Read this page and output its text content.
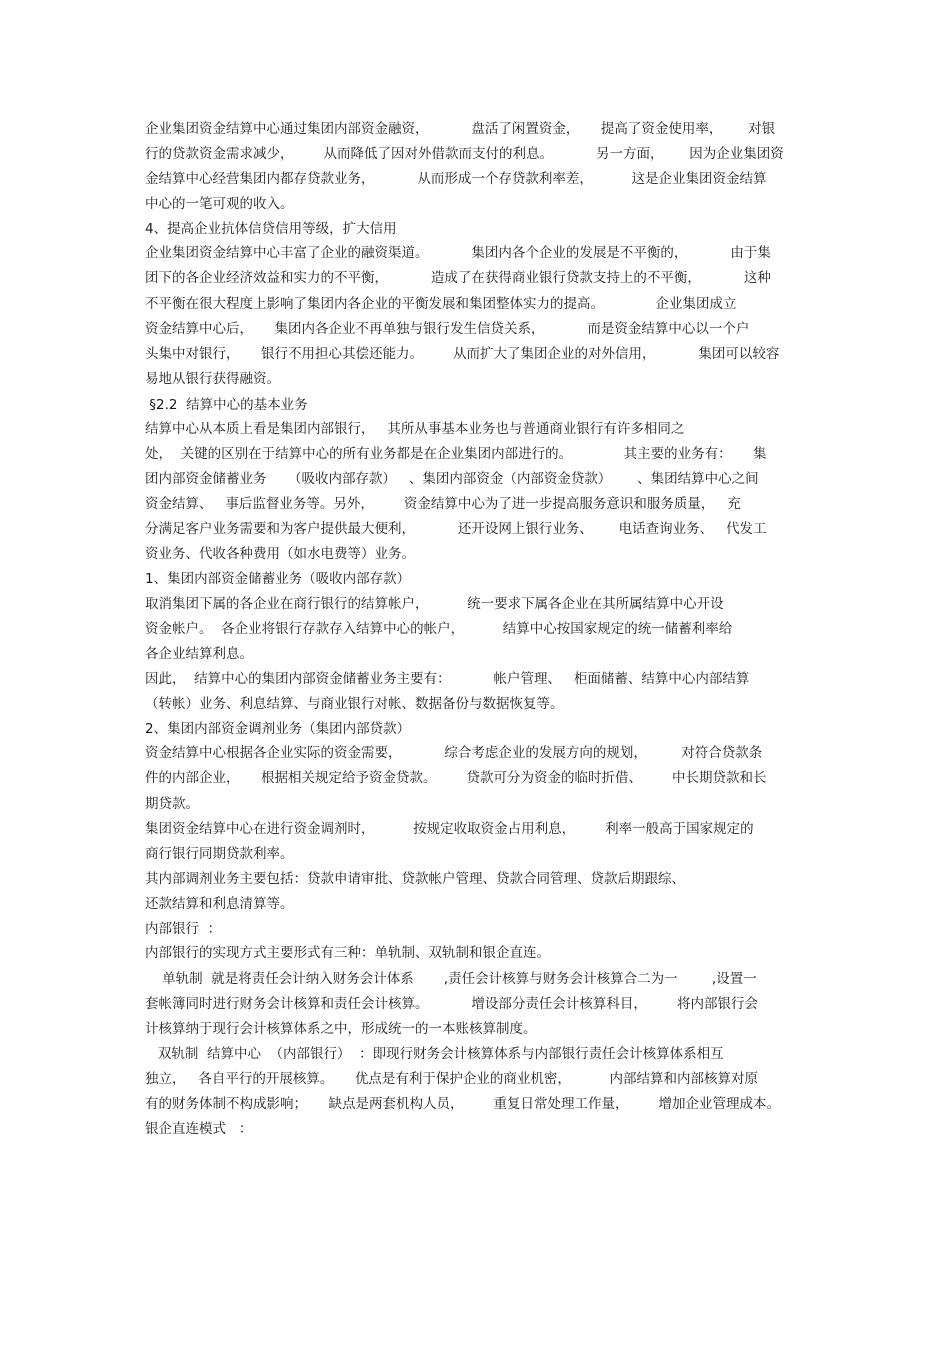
企业集团资金结算中心通过集团内部资金融资，          盘活了闲置资金，     提高了资金使用率，      对银
行的贷款资金需求减少，       从而降低了因对外借款而支付的利息。          另一方面，      因为企业集团资
金结算中心经营集团内都存贷款业务，          从而形成一个存贷款利率差，         这是企业集团资金结算
中心的一笔可观的收入。
4、提高企业抗体信贷信用等级，扩大信用
企业集团资金结算中心丰富了企业的融资渠道。          集团内各个企业的发展是不平衡的，          由于集
团下的各企业经济效益和实力的不平衡，          造成了在获得商业银行贷款支持上的不平衡，          这种
不平衡在很大程度上影响了集团内各企业的平衡发展和集团整体实力的提高。            企业集团成立
资金结算中心后，     集团内各企业不再单独与银行发生信贷关系，          而是资金结算中心以一个户
头集中对银行，     银行不用担心其偿还能力。       从而扩大了集团企业的对外信用，          集团可以较容
易地从银行获得融资。
§2.2  结算中心的基本业务
结算中心从本质上看是集团内部银行，   其所从事基本业务也与普通商业银行有许多相同之
处，  关键的区别在于结算中心的所有业务都是在企业集团内部进行的。            其主要的业务有：     集
团内部资金储蓄业务     （吸收内部存款）   、集团内部资金（内部资金贷款）      、集团结算中心之间
资金结算、   事后监督业务等。另外，       资金结算中心为了进一步提高服务意识和服务质量，   充
分满足客户业务需要和为客户提供最大便利，          还开设网上银行业务、      电话查询业务、   代发工
资业务、代收各种费用（如水电费等）业务。
1、集团内部资金储蓄业务（吸收内部存款）
取消集团下属的各企业在商行银行的结算帐户，         统一要求下属各企业在其所属结算中心开设
资金帐户。  各企业将银行存款存入结算中心的帐户，         结算中心按国家规定的统一储蓄利率给
各企业结算利息。
因此，  结算中心的集团内部资金储蓄业务主要有：          帐户管理、   柜面储蓄、结算中心内部结算
（转帐）业务、利息结算、与商业银行对帐、数据备份与数据恢复等。
2、集团内部资金调剂业务（集团内部贷款）
资金结算中心根据各企业实际的资金需要，          综合考虑企业的发展方向的规划，        对符合贷款条
件的内部企业，     根据相关规定给予资金贷款。       贷款可分为资金的临时折借、       中长期贷款和长
期贷款。
集团资金结算中心在进行资金调剂时，         按规定收取资金占用利息，       利率一般高于国家规定的
商行银行同期贷款利率。
其内部调剂业务主要包括：贷款申请审批、贷款帐户管理、贷款合同管理、贷款后期跟综、
还款结算和利息清算等。
内部银行  ：
内部银行的实现方式主要形式有三种：单轨制、双轨制和银企直连。
单轨制  就是将责任会计纳入财务会计体系       ,责任会计核算与财务会计核算合二为一        ,设置一
套帐簿同时进行财务会计核算和责任会计核算。          增设部分责任会计核算科目，       将内部银行会
计核算纳于现行会计核算体系之中，形成统一的一本账核算制度。
双轨制  结算中心  （内部银行）  ：即现行财务会计核算体系与内部银行责任会计核算体系相互
独立，   各自平行的开展核算。     优点是有利于保护企业的商业机密，         内部结算和内部核算对原
有的财务体制不构成影响；     缺点是两套机构人员，       重复日常处理工作量，       增加企业管理成本。
银企直连模式   ：
